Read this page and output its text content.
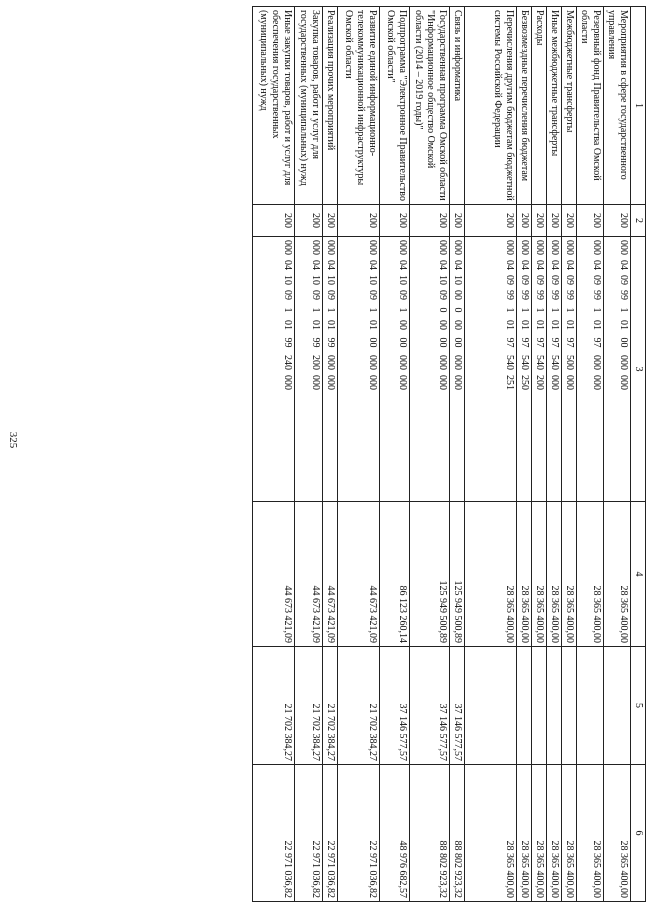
325
1	2	3	4	5	6
Мероприятия в сфере государственного управления	200	000  04  09  99   1   01   00   000  000	28 365 400,00		28 365 400,00
Резервный фонд Правительства Омской области	200	000  04  09  99   1   01   97   000  000	28 365 400,00		28 365 400,00
Межбюджетные трансферты	200	000  04  09  99   1   01   97   500  000	28 365 400,00		28 365 400,00
Иные межбюджетные трансферты	200	000  04  09  99   1   01   97   540  000	28 365 400,00		28 365 400,00
Расходы	200	000  04  09  99   1   01   97   540  200	28 365 400,00		28 365 400,00
Безвозмездные перечисления бюджетам	200	000  04  09  99   1   01   97   540  250	28 365 400,00		28 365 400,00
Перечисления другим бюджетам бюджетной системы Российской Федерации	200	000  04  09  99   1   01   97   540  251	28 365 400,00		28 365 400,00
Связь и информатика	200	000  04  10  00   0   00   00   000  000	125 949 500,89	37 146 577,57	88 802 923,32
Государственная программа Омской области "Информационное общество Омской области (2014 – 2019 годы)"	200	000  04  10  09   0   00   00   000  000	125 949 500,89	37 146 577,57	88 802 923,32
Подпрограмма "Электронное Правительство Омской области"	200	000  04  10  09   1   00   00   000  000	86 123 260,14	37 146 577,57	48 976 682,57
Развитие единой информационно-телекоммуникационной инфраструктуры Омской области	200	000  04  10  09   1   01   00   000  000	44 673 421,09	21 702 384,27	22 971 036,82
Реализация прочих мероприятий	200	000  04  10  09   1   01   99   000  000	44 673 421,09	21 702 384,27	22 971 036,82
Закупка товаров, работ и услуг для государственных (муниципальных) нужд	200	000  04  10  09   1   01   99   200  000	44 673 421,09	21 702 384,27	22 971 036,82
Иные закупки товаров, работ и услуг для обеспечения государственных (муниципальных) нужд	200	000  04  10  09   1   01   99   240  000	44 673 421,09	21 702 384,27	22 971 036,82
